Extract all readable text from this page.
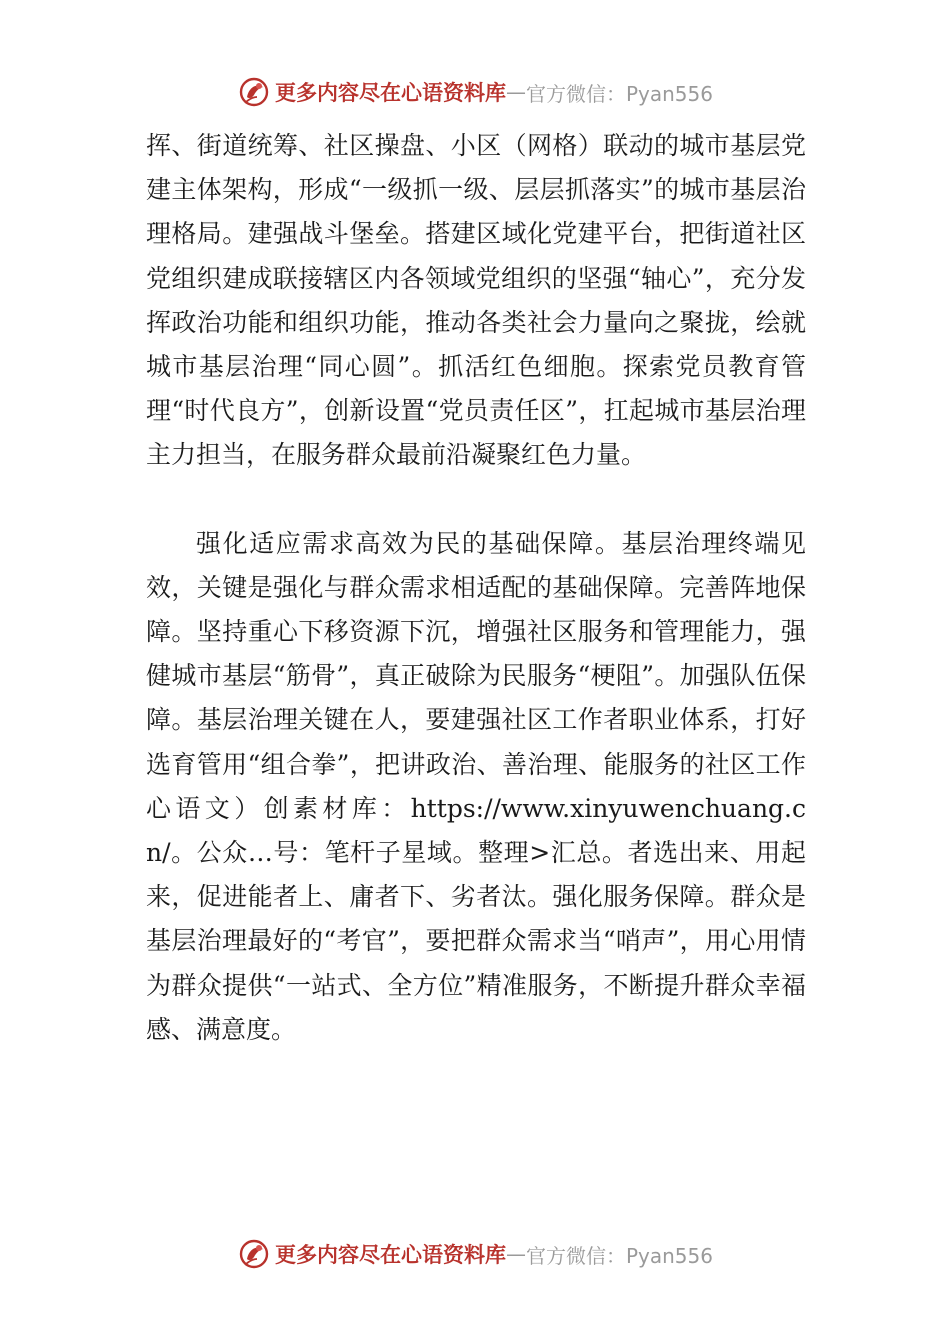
更多内容尽在心语资料库 — 官方微信：Pyan556

挥、街道统筹、社区操盘、小区（网格）联动的城市基层党建主体架构，形成“一级抓一级、层层抓落实”的城市基层治理格局。建强战斗堡垒。搭建区域化党建平台，把街道社区党组织建成联接辖区内各领域党组织的坚强“轴心”，充分发挥政治功能和组织功能，推动各类社会力量向之聚拢，绘就城市基层治理“同心圆”。抓活红色细胞。探索党员教育管理“时代良方”，创新设置“党员责任区”，扛起城市基层治理主力担当，在服务群众最前沿凝聚红色力量。

强化适应需求高效为民的基础保障。基层治理终端见效，关键是强化与群众需求相适配的基础保障。完善阵地保障。坚持重心下移资源下沉，增强社区服务和管理能力，强健城市基层“筋骨”，真正破除为民服务“梗阻”。加强队伍保障。基层治理关键在人，要建强社区工作者职业体系，打好选育管用“组合拳”，把讲政治、善治理、能服务的社区工作心语文）创素材库：https://www.xinyuwenchuang.cn/。公众…号：笔杆子星域。整理>汇总。者选出来、用起来，促进能者上、庸者下、劣者汰。强化服务保障。群众是基层治理最好的“考官”，要把群众需求当“哨声”，用心用情为群众提供“一站式、全方位”精准服务，不断提升群众幸福感、满意度。

更多内容尽在心语资料库 — 官方微信：Pyan556
